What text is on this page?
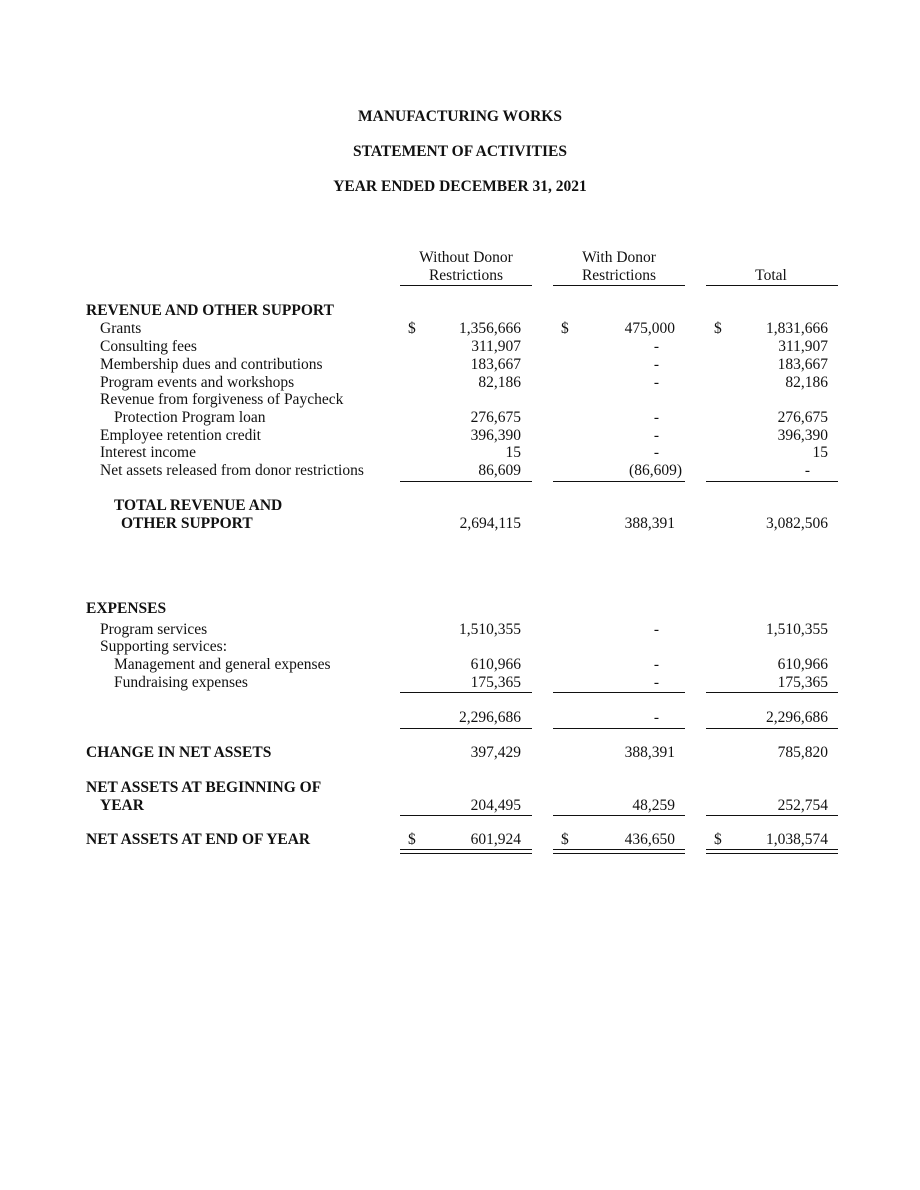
MANUFACTURING WORKS
STATEMENT OF ACTIVITIES
YEAR ENDED DECEMBER 31, 2021
Without Donor
Restrictions
With Donor
Restrictions	Total
REVENUE AND OTHER SUPPORT
Grants	$	1,356,666	$	475,000	$	1,831,666
Consulting fees	311,907	-	311,907
Membership dues and contributions	183,667	-	183,667
Program events and workshops	82,186	-	82,186
Revenue from forgiveness of Paycheck
Protection Program loan	276,675	-	276,675
Employee retention credit	396,390	-	396,390
Interest income	15	-	15
Net assets released from donor restrictions	86,609	(86,609)	-
TOTAL REVENUE AND
OTHER SUPPORT	2,694,115	388,391	3,082,506
EXPENSES
Program services	1,510,355	-	1,510,355
Supporting services:
Management and general expenses	610,966	-	610,966
Fundraising expenses	175,365	-	175,365
2,296,686	-	2,296,686
CHANGE IN NET ASSETS	397,429	388,391	785,820
NET ASSETS AT BEGINNING OF
YEAR	204,495	48,259	252,754
NET ASSETS AT END OF YEAR	$	601,924	$	436,650	$	1,038,574
